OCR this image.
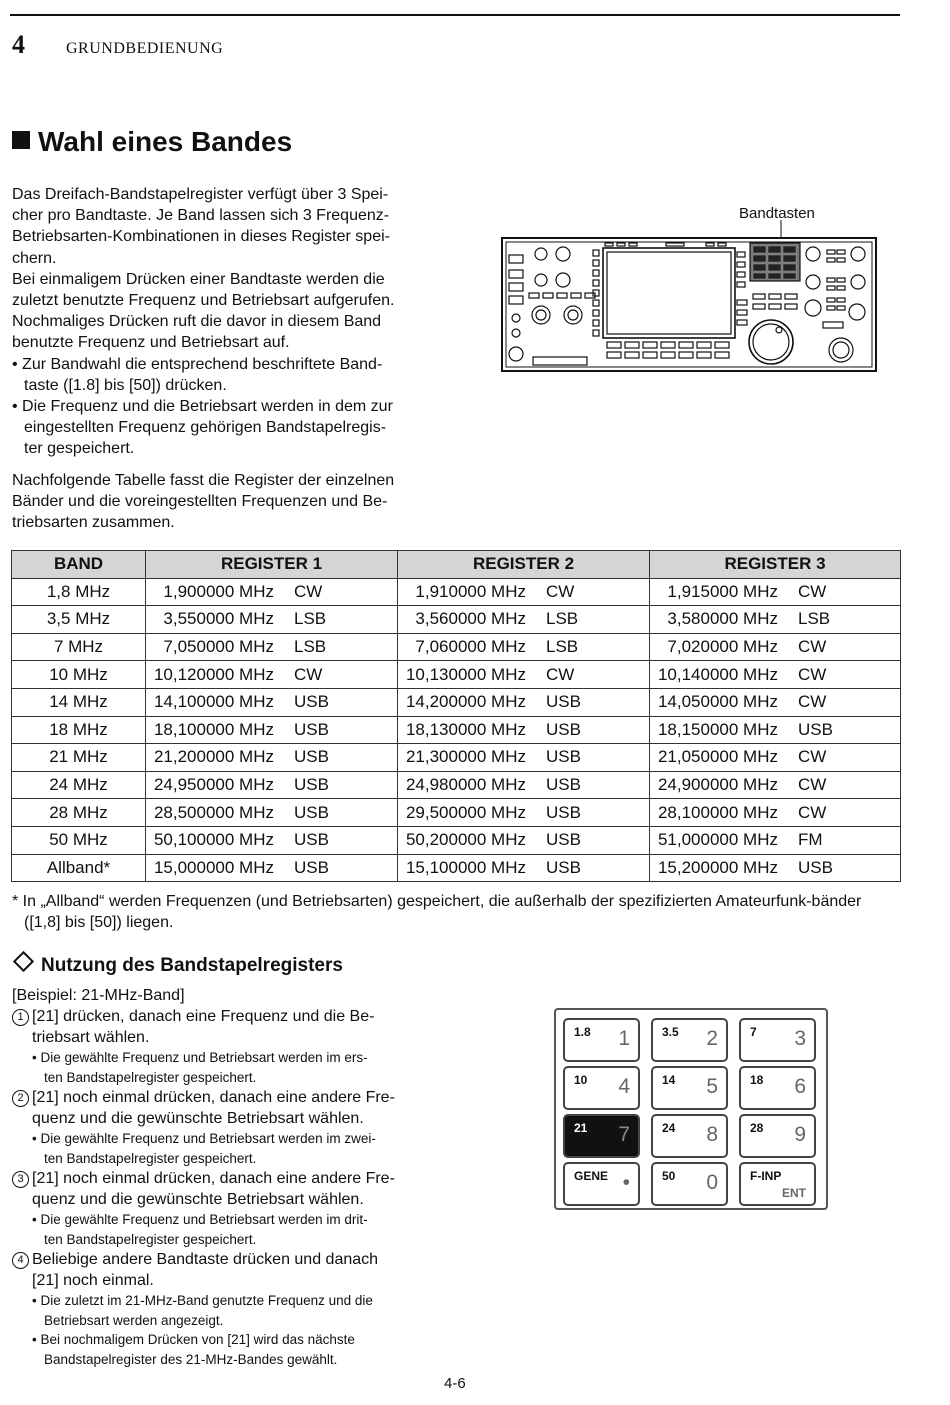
4	GRUNDBEDIENUNG
Wahl eines Bandes

Das Dreifach-Bandstapelregister verfügt über 3 Spei-
cher pro Bandtaste. Je Band lassen sich 3 Frequenz-
Betriebsarten-Kombinationen in dieses Register spei-
chern.

Bei einmaligem Drücken einer Bandtaste werden die
zuletzt benutzte Frequenz und Betriebsart aufgerufen.
Nochmaliges Drücken ruft die davor in diesem Band
benutzte Frequenz und Betriebsart auf.

• Zur Bandwahl die entsprechend beschriftete Band-
taste ([1.8] bis [50]) drücken.

• Die Frequenz und die Betriebsart werden in dem zur
eingestellten Frequenz gehörigen Bandstapelregis-
ter gespeichert.

Nachfolgende Tabelle fasst die Register der einzelnen
Bänder und die voreingestellten Frequenzen und Be-
triebsarten zusammen.

Bandtasten
BAND	REGISTER 1	REGISTER 2	REGISTER 3
1,8 MHz	1,900000 MHz CW	1,910000 MHz CW	1,915000 MHz CW
3,5 MHz	3,550000 MHz LSB	3,560000 MHz LSB	3,580000 MHz LSB
7 MHz	7,050000 MHz LSB	7,060000 MHz LSB	7,020000 MHz CW
10 MHz	10,120000 MHz CW	10,130000 MHz CW	10,140000 MHz CW
14 MHz	14,100000 MHz USB	14,200000 MHz USB	14,050000 MHz CW
18 MHz	18,100000 MHz USB	18,130000 MHz USB	18,150000 MHz USB
21 MHz	21,200000 MHz USB	21,300000 MHz USB	21,050000 MHz CW
24 MHz	24,950000 MHz USB	24,980000 MHz USB	24,900000 MHz CW
28 MHz	28,500000 MHz USB	29,500000 MHz USB	28,100000 MHz CW
50 MHz	50,100000 MHz USB	50,200000 MHz USB	51,000000 MHz FM
Allband*	15,000000 MHz USB	15,100000 MHz USB	15,200000 MHz USB
* In „Allband“ werden Frequenzen (und Betriebsarten) gespeichert, die außerhalb der spezifizierten Amateurfunk-bänder ([1,8] bis [50]) liegen.
Nutzung des Bandstapelregisters

[Beispiel: 21-MHz-Band]

1 [21] drücken, danach eine Frequenz und die Be-
triebsart wählen.

• Die gewählte Frequenz und Betriebsart werden im ers-
ten Bandstapelregister gespeichert.

2 [21] noch einmal drücken, danach eine andere Fre-
quenz und die gewünschte Betriebsart wählen.

• Die gewählte Frequenz und Betriebsart werden im zwei-
ten Bandstapelregister gespeichert.

3 [21] noch einmal drücken, danach eine andere Fre-
quenz und die gewünschte Betriebsart wählen.

• Die gewählte Frequenz und Betriebsart werden im drit-
ten Bandstapelregister gespeichert.

4 Beliebige andere Bandtaste drücken und danach
[21] noch einmal.

• Die zuletzt im 21-MHz-Band genutzte Frequenz und die
Betriebsart werden angezeigt.

• Bei nochmaligem Drücken von [21] wird das nächste
Bandstapelregister des 21-MHz-Bandes gewählt.

1.8 1	3.5 2	7 3
10 4	14 5	18 6
21 7	24 8	28 9
GENE •	50 0	F-INP
ENT
4-6
